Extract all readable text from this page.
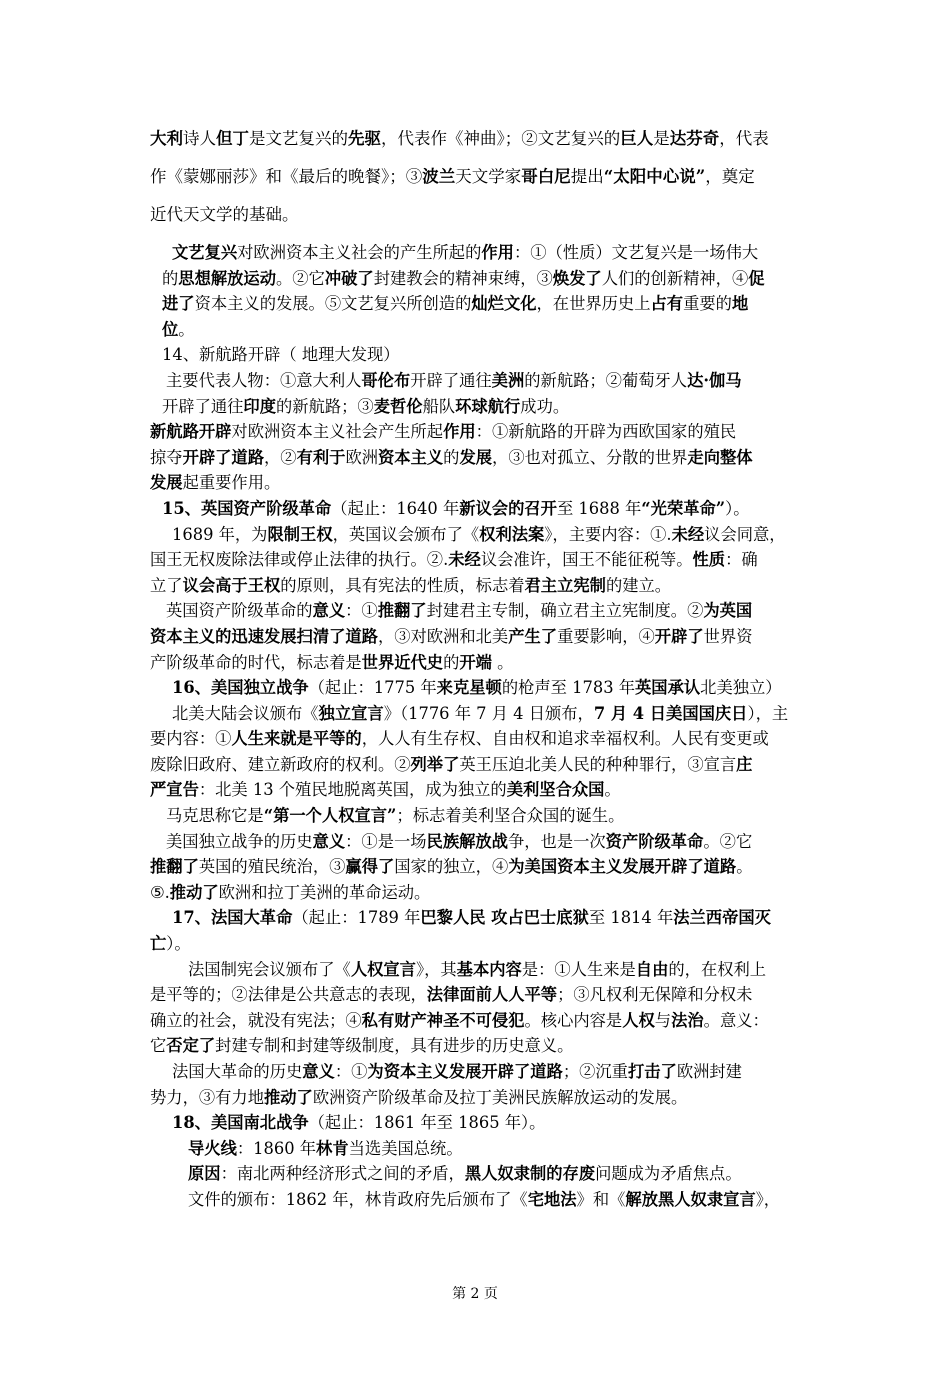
大利诗人但丁是文艺复兴的先驱，代表作《神曲》；②文艺复兴的巨人是达芬奇，代表
作《蒙娜丽莎》和《最后的晚餐》；③波兰天文学家哥白尼提出“太阳中心说”，奠定
近代天文学的基础。
文艺复兴对欧洲资本主义社会的产生所起的作用：①（性质）文艺复兴是一场伟大
的思想解放运动。②它冲破了封建教会的精神束缚，③焕发了人们的创新精神，④促
进了资本主义的发展。⑤文艺复兴所创造的灿烂文化，在世界历史上占有重要的地
位。
14、新航路开辟（ 地理大发现）
主要代表人物：①意大利人哥伦布开辟了通往美洲的新航路；②葡萄牙人达·伽马
开辟了通往印度的新航路；③麦哲伦船队环球航行成功。
新航路开辟对欧洲资本主义社会产生所起作用：①新航路的开辟为西欧国家的殖民
掠夺开辟了道路，②有利于欧洲资本主义的发展，③也对孤立、分散的世界走向整体
发展起重要作用。
15、英国资产阶级革命（起止：1640 年新议会的召开至 1688 年“光荣革命”）。
1689 年，为限制王权，英国议会颁布了《权利法案》，主要内容：①.未经议会同意，
国王无权废除法律或停止法律的执行。②.未经议会准许，国王不能征税等。性质：确
立了议会高于王权的原则，具有宪法的性质，标志着君主立宪制的建立。
英国资产阶级革命的意义：①推翻了封建君主专制，确立君主立宪制度。②为英国
资本主义的迅速发展扫清了道路，③对欧洲和北美产生了重要影响，④开辟了世界资
产阶级革命的时代，标志着是世界近代史的开端 。
16、美国独立战争（起止：1775 年来克星顿的枪声至 1783 年英国承认北美独立）
北美大陆会议颁布《独立宣言》（1776 年 7 月 4 日颁布，7 月 4 日美国国庆日），主
要内容：①人生来就是平等的，人人有生存权、自由权和追求幸福权利。人民有变更或
废除旧政府、建立新政府的权利。②列举了英王压迫北美人民的种种罪行，③宣言庄
严宣告：北美 13 个殖民地脱离英国，成为独立的美利坚合众国。
马克思称它是“第一个人权宣言”；标志着美利坚合众国的诞生。
美国独立战争的历史意义：①是一场民族解放战争，也是一次资产阶级革命。②它
推翻了英国的殖民统治，③赢得了国家的独立，④为美国资本主义发展开辟了道路。
⑤.推动了欧洲和拉丁美洲的革命运动。
17、法国大革命（起止：1789 年巴黎人民 攻占巴士底狱至 1814 年法兰西帝国灭
亡）。
法国制宪会议颁布了《人权宣言》，其基本内容是：①人生来是自由的，在权利上
是平等的；②法律是公共意志的表现，法律面前人人平等；③凡权利无保障和分权未
确立的社会，就没有宪法；④私有财产神圣不可侵犯。核心内容是人权与法治。意义：
它否定了封建专制和封建等级制度，具有进步的历史意义。
法国大革命的历史意义：①为资本主义发展开辟了道路；②沉重打击了欧洲封建
势力，③有力地推动了欧洲资产阶级革命及拉丁美洲民族解放运动的发展。
18、美国南北战争（起止：1861 年至 1865 年）。
导火线：1860 年林肯当选美国总统。
原因：南北两种经济形式之间的矛盾，黑人奴隶制的存废问题成为矛盾焦点。
文件的颁布：1862 年，林肯政府先后颁布了《宅地法》和《解放黑人奴隶宣言》，
第 2 页
